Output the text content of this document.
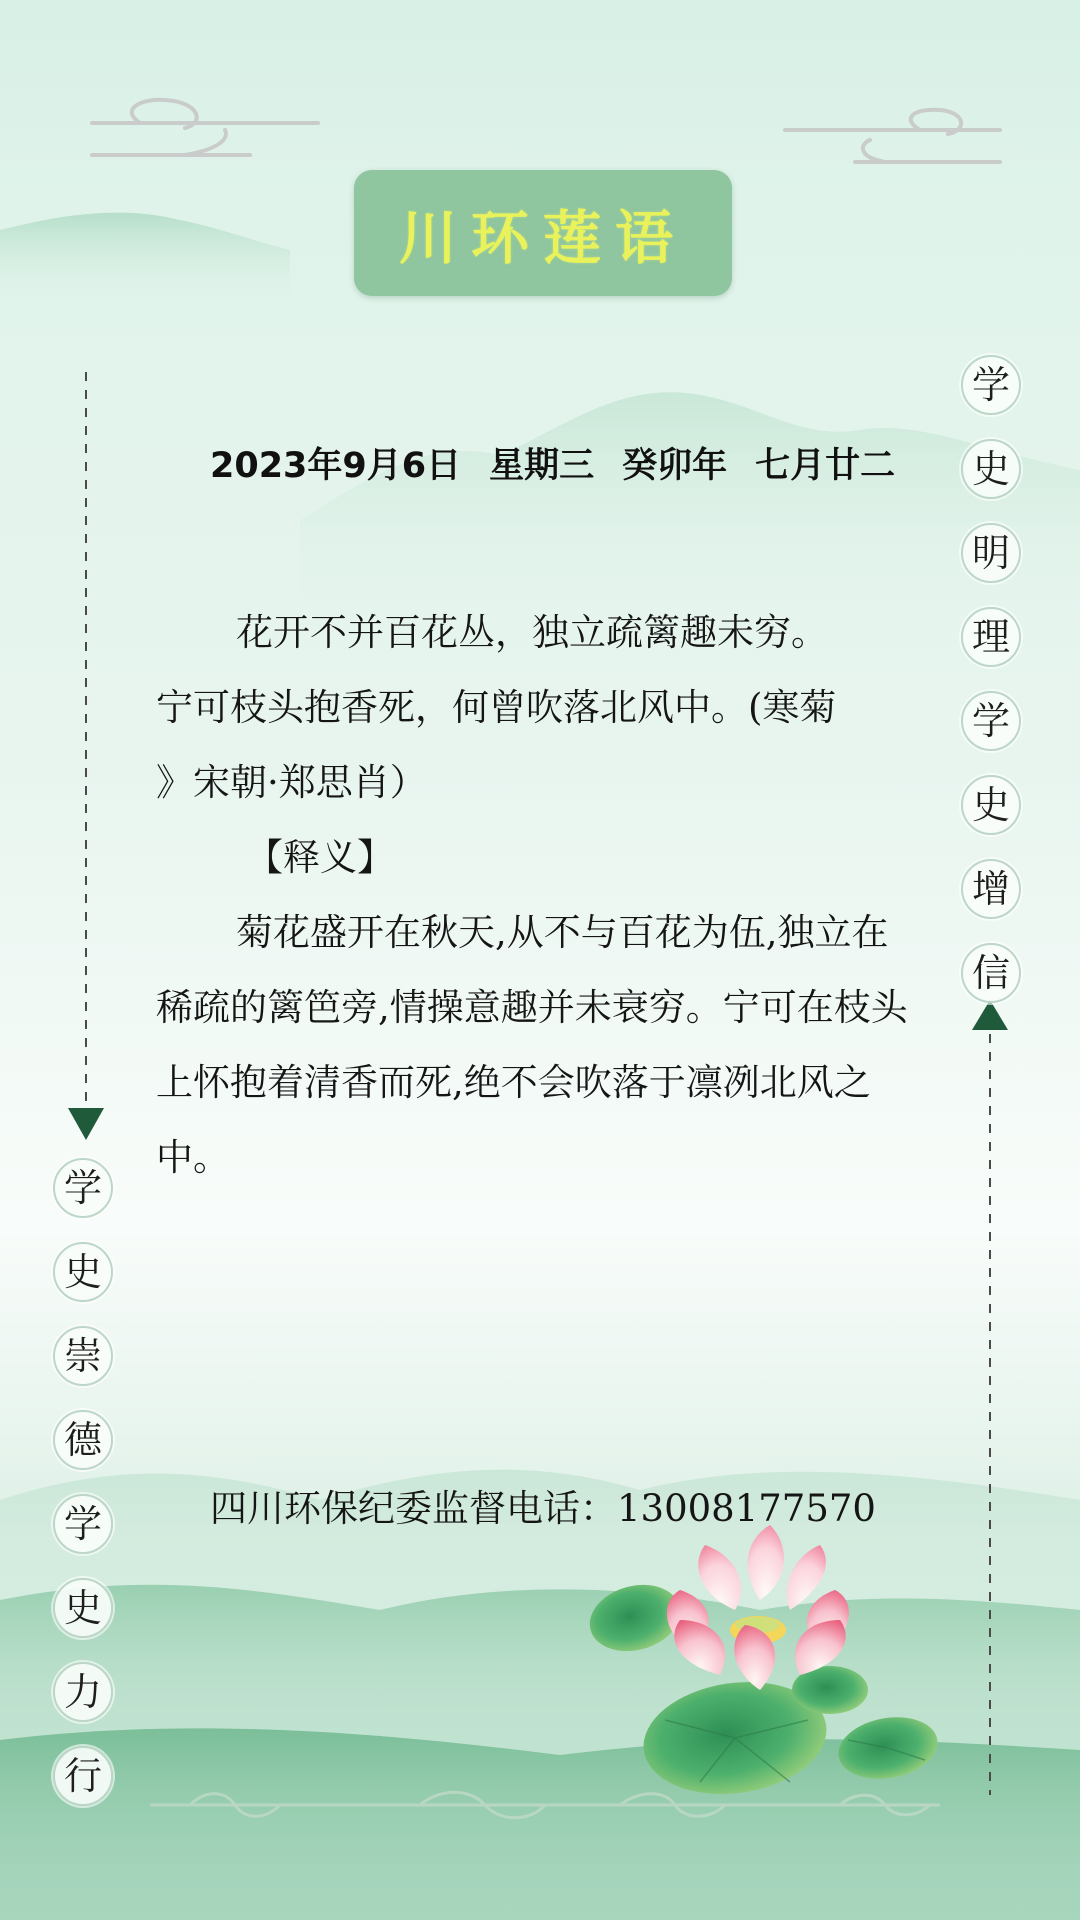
川环莲语
学
史
明
理
学
史
增
信
学
史
崇
德
学
史
力
行
2023年9月6日 星期三 癸卯年 七月廿二

花开不并百花丛，独立疏篱趣未穷。

宁可枝头抱香死，何曾吹落北风中。(寒菊

》宋朝·郑思肖）

【释义】

菊花盛开在秋天,从不与百花为伍,独立在稀疏的篱笆旁,情操意趣并未衰穷。宁可在枝头上怀抱着清香而死,绝不会吹落于凛冽北风之中。

四川环保纪委监督电话：13008177570
